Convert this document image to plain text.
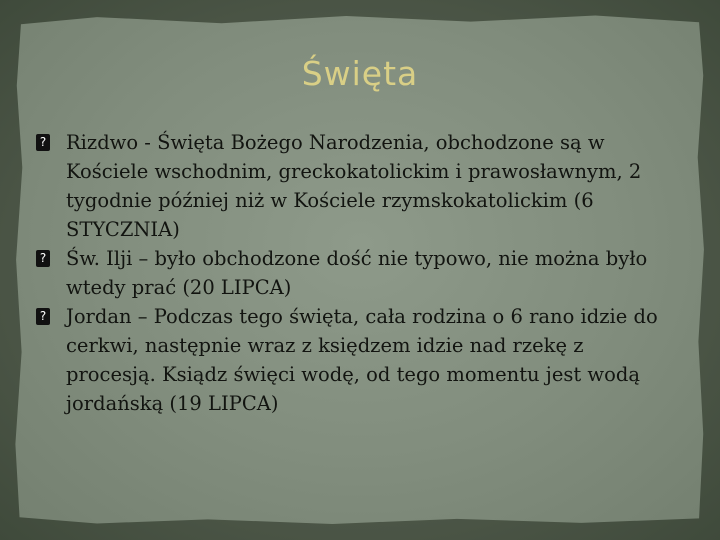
Święta

? Rizdwo - Święta Bożego Narodzenia, obchodzone są w Kościele wschodnim, greckokatolickim i prawosławnym, 2 tygodnie później niż w Kościele rzymskokatolickim (6 STYCZNIA)

? Św. Ilji – było obchodzone dość nie typowo, nie można było wtedy prać (20 LIPCA)

? Jordan – Podczas tego święta, cała rodzina o 6 rano idzie do cerkwi, następnie wraz z księdzem idzie nad rzekę z procesją. Ksiądz święci wodę, od tego momentu jest wodą jordańską (19 LIPCA)
